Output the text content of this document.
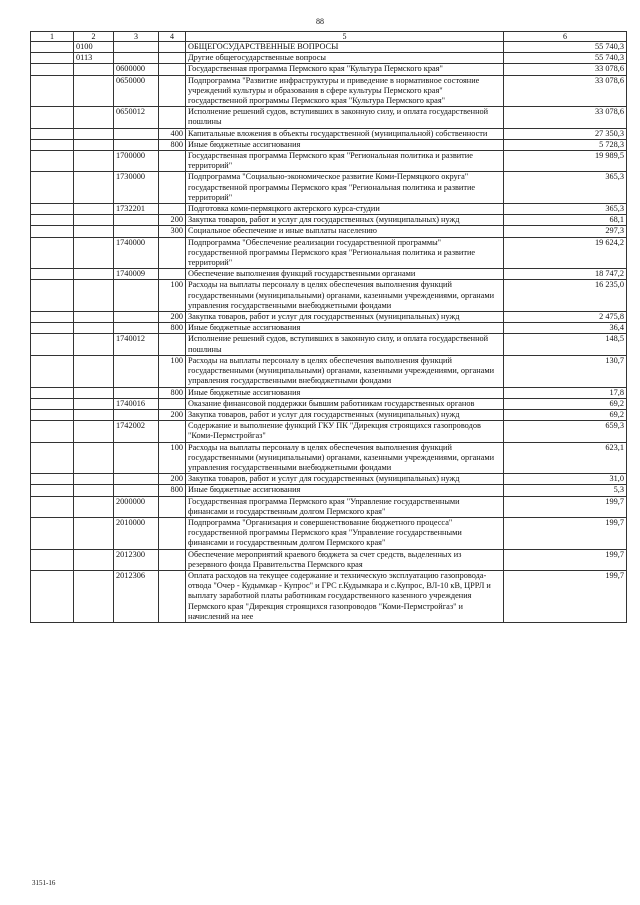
88
1	2	3	4	5	6
	0100			ОБЩЕГОСУДАРСТВЕННЫЕ ВОПРОСЫ	55 740,3
	0113			Другие общегосударственные вопросы	55 740,3
		0600000		Государственная программа Пермского края "Культура Пермского края"	33 078,6
		0650000		Подпрограмма "Развитие инфраструктуры и приведение в нормативное состояние учреждений культуры и образования в сфере культуры Пермского края" государственной программы Пермского края "Культура Пермского края"	33 078,6
		0650012		Исполнение решений судов, вступивших в законную силу, и оплата государственной пошлины	33 078,6
			400	Капитальные вложения в объекты государственной (муниципальной) собственности	27 350,3
			800	Иные бюджетные ассигнования	5 728,3
		1700000		Государственная программа Пермского края "Региональная политика и развитие территорий"	19 989,5
		1730000		Подпрограмма "Социально-экономическое развитие Коми-Пермяцкого округа" государственной программы Пермского края "Региональная политика и развитие территорий"	365,3
		1732201		Подготовка коми-пермяцкого актерского курса-студии	365,3
			200	Закупка товаров, работ и услуг для государственных (муниципальных) нужд	68,1
			300	Социальное обеспечение и иные выплаты населению	297,3
		1740000		Подпрограмма "Обеспечение реализации государственной программы" государственной программы Пермского края "Региональная политика и развитие территорий"	19 624,2
		1740009		Обеспечение выполнения функций государственными органами	18 747,2
			100	Расходы на выплаты персоналу в целях обеспечения выполнения функций государственными (муниципальными) органами, казенными учреждениями, органами управления государственными внебюджетными фондами	16 235,0
			200	Закупка товаров, работ и услуг для государственных (муниципальных) нужд	2 475,8
			800	Иные бюджетные ассигнования	36,4
		1740012		Исполнение решений судов, вступивших в законную силу, и оплата государственной пошлины	148,5
			100	Расходы на выплаты персоналу в целях обеспечения выполнения функций государственными (муниципальными) органами, казенными учреждениями, органами управления государственными внебюджетными фондами	130,7
			800	Иные бюджетные ассигнования	17,8
		1740016		Оказание финансовой поддержки бывшим работникам государственных органов	69,2
			200	Закупка товаров, работ и услуг для государственных (муниципальных) нужд	69,2
		1742002		Содержание и выполнение функций ГКУ ПК "Дирекция строящихся газопроводов "Коми-Пермстройгаз"	659,3
			100	Расходы на выплаты персоналу в целях обеспечения выполнения функций государственными (муниципальными) органами, казенными учреждениями, органами управления государственными внебюджетными фондами	623,1
			200	Закупка товаров, работ и услуг для государственных (муниципальных) нужд	31,0
			800	Иные бюджетные ассигнования	5,3
		2000000		Государственная программа Пермского края "Управление государственными финансами и государственным долгом Пермского края"	199,7
		2010000		Подпрограмма "Организация и совершенствование бюджетного процесса" государственной программы Пермского края "Управление государственными финансами и государственным долгом Пермского края"	199,7
		2012300		Обеспечение мероприятий краевого бюджета за счет средств, выделенных из резервного фонда Правительства Пермского края	199,7
		2012306		Оплата расходов на текущее содержание и техническую эксплуатацию газопровода-отвода "Очер - Кудымкар - Купрос" и ГРС г.Кудымкара и с.Купрос, ВЛ-10 кВ, ЦРРЛ и выплату заработной платы работникам государственного казенного учреждения Пермского края "Дирекция строящихся газопроводов "Коми-Пермстройгаз" и начислений на нее	199,7
3151-16
